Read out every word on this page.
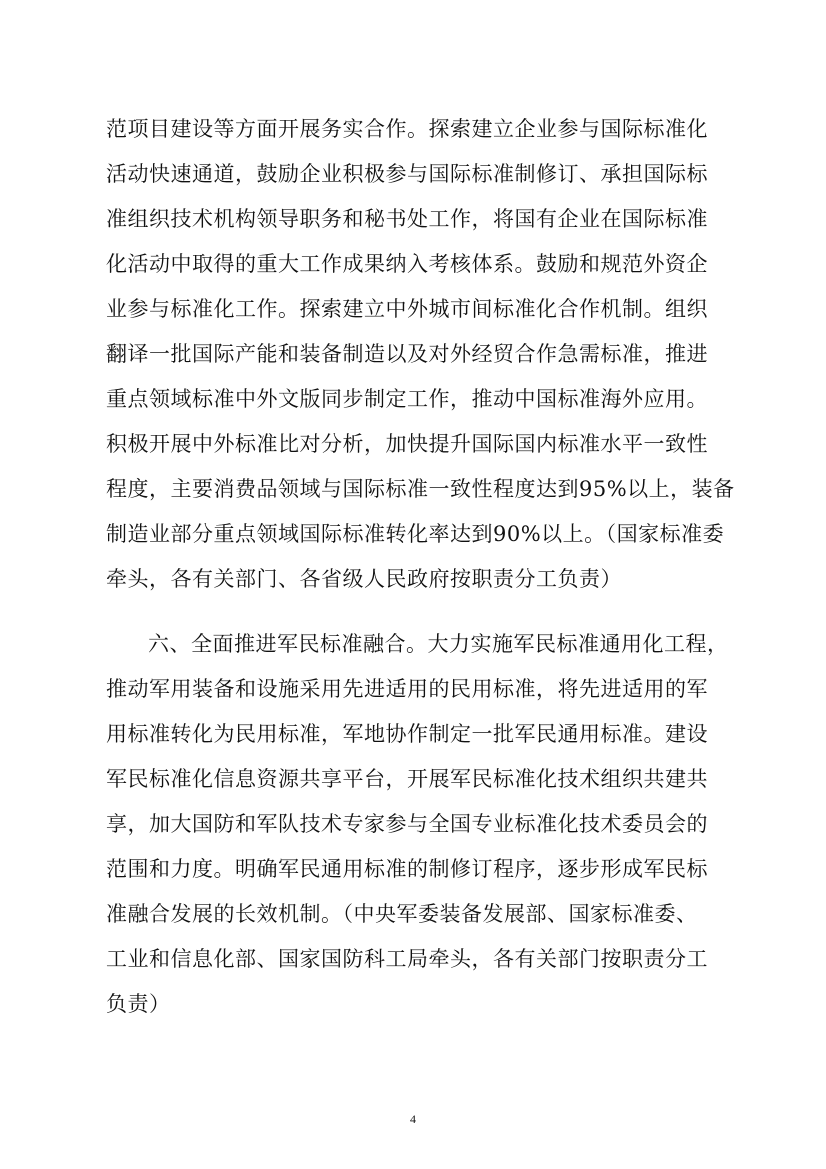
范项目建设等方面开展务实合作。探索建立企业参与国际标准化
活动快速通道，鼓励企业积极参与国际标准制修订、承担国际标
准组织技术机构领导职务和秘书处工作，将国有企业在国际标准
化活动中取得的重大工作成果纳入考核体系。鼓励和规范外资企
业参与标准化工作。探索建立中外城市间标准化合作机制。组织
翻译一批国际产能和装备制造以及对外经贸合作急需标准，推进
重点领域标准中外文版同步制定工作，推动中国标准海外应用。
积极开展中外标准比对分析，加快提升国际国内标准水平一致性
程度，主要消费品领域与国际标准一致性程度达到95%以上，装备
制造业部分重点领域国际标准转化率达到90%以上。（国家标准委
牵头，各有关部门、各省级人民政府按职责分工负责）
六、全面推进军民标准融合。大力实施军民标准通用化工程，
推动军用装备和设施采用先进适用的民用标准，将先进适用的军
用标准转化为民用标准，军地协作制定一批军民通用标准。建设
军民标准化信息资源共享平台，开展军民标准化技术组织共建共
享，加大国防和军队技术专家参与全国专业标准化技术委员会的
范围和力度。明确军民通用标准的制修订程序，逐步形成军民标
准融合发展的长效机制。（中央军委装备发展部、国家标准委、
工业和信息化部、国家国防科工局牵头，各有关部门按职责分工
负责）
4
